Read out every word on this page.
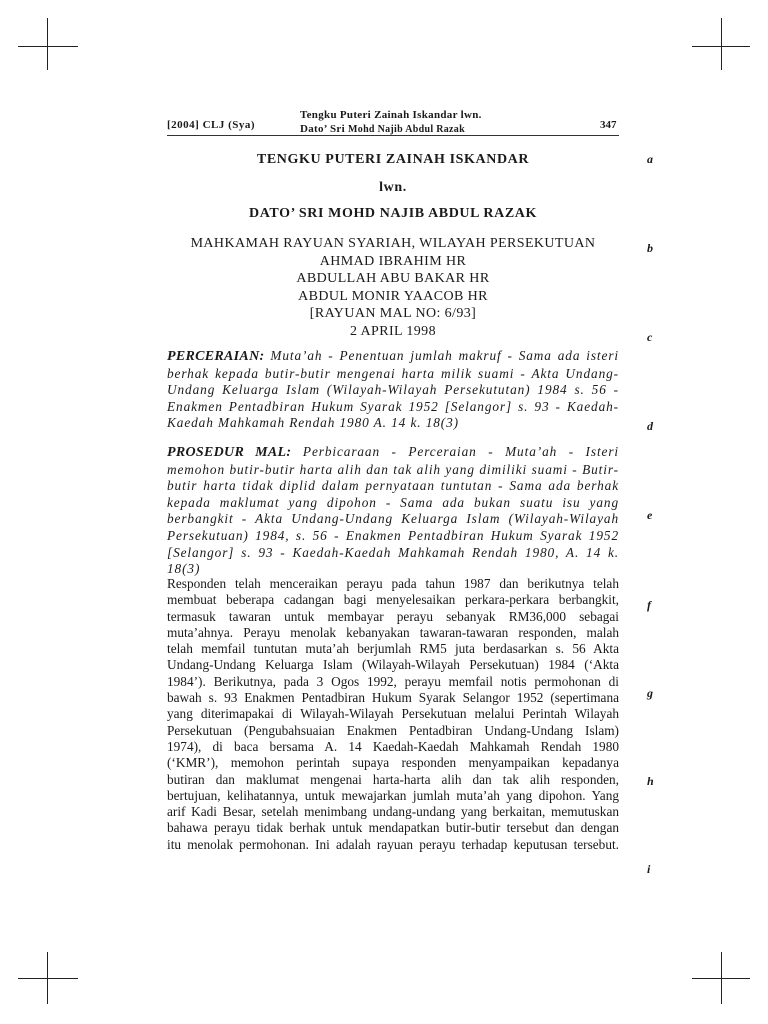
[2004] CLJ (Sya)
Tengku Puteri Zainah Iskandar lwn.
Dato’ Sri Mohd Najib Abdul Razak	347
TENGKU PUTERI ZAINAH ISKANDAR
lwn.
DATO’ SRI MOHD NAJIB ABDUL RAZAK
MAHKAMAH RAYUAN SYARIAH, WILAYAH PERSEKUTUAN
AHMAD IBRAHIM HR
ABDULLAH ABU BAKAR HR
ABDUL MONIR YAACOB HR
[RAYUAN MAL NO: 6/93]
2 APRIL 1998
PERCERAIAN: Muta’ah - Penentuan jumlah makruf - Sama ada isteri berhak kepada butir-butir mengenai harta milik suami - Akta Undang-Undang Keluarga Islam (Wilayah-Wilayah Persekututan) 1984 s. 56 - Enakmen Pentadbiran Hukum Syarak 1952 [Selangor] s. 93 - Kaedah-Kaedah Mahkamah Rendah 1980 A. 14 k. 18(3)
PROSEDUR MAL: Perbicaraan - Perceraian - Muta’ah - Isteri memohon butir-butir harta alih dan tak alih yang dimiliki suami - Butir-butir harta tidak diplid dalam pernyataan tuntutan - Sama ada berhak kepada maklumat yang dipohon - Sama ada bukan suatu isu yang berbangkit - Akta Undang-Undang Keluarga Islam (Wilayah-Wilayah Persekutuan) 1984, s. 56 - Enakmen Pentadbiran Hukum Syarak 1952 [Selangor] s. 93 - Kaedah-Kaedah Mahkamah Rendah 1980, A. 14 k. 18(3)
Responden telah menceraikan perayu pada tahun 1987 dan berikutnya telah
membuat beberapa cadangan bagi menyelesaikan perkara-perkara berbangkit,
termasuk tawaran untuk membayar perayu sebanyak RM36,000 sebagai
muta’ahnya. Perayu menolak kebanyakan tawaran-tawaran responden, malah
telah memfail tuntutan muta’ah berjumlah RM5 juta berdasarkan s. 56 Akta
Undang-Undang Keluarga Islam (Wilayah-Wilayah Persekutuan) 1984 (‘Akta
1984’). Berikutnya, pada 3 Ogos 1992, perayu memfail notis permohonan di
bawah s. 93 Enakmen Pentadbiran Hukum Syarak Selangor 1952 (sepertimana
yang diterimapakai di Wilayah-Wilayah Persekutuan melalui Perintah Wilayah
Persekutuan (Pengubahsuaian Enakmen Pentadbiran Undang-Undang Islam)
1974), di baca bersama A. 14 Kaedah-Kaedah Mahkamah Rendah 1980
(‘KMR’), memohon perintah supaya responden menyampaikan kepadanya
butiran dan maklumat mengenai harta-harta alih dan tak alih responden,
bertujuan, kelihatannya, untuk mewajarkan jumlah muta’ah yang dipohon. Yang
arif Kadi Besar, setelah menimbang undang-undang yang berkaitan, memutuskan
bahawa perayu tidak berhak untuk mendapatkan butir-butir tersebut dan dengan
itu menolak permohonan. Ini adalah rayuan perayu terhadap keputusan tersebut.
a
b
c
d
e
f
g
h
i
